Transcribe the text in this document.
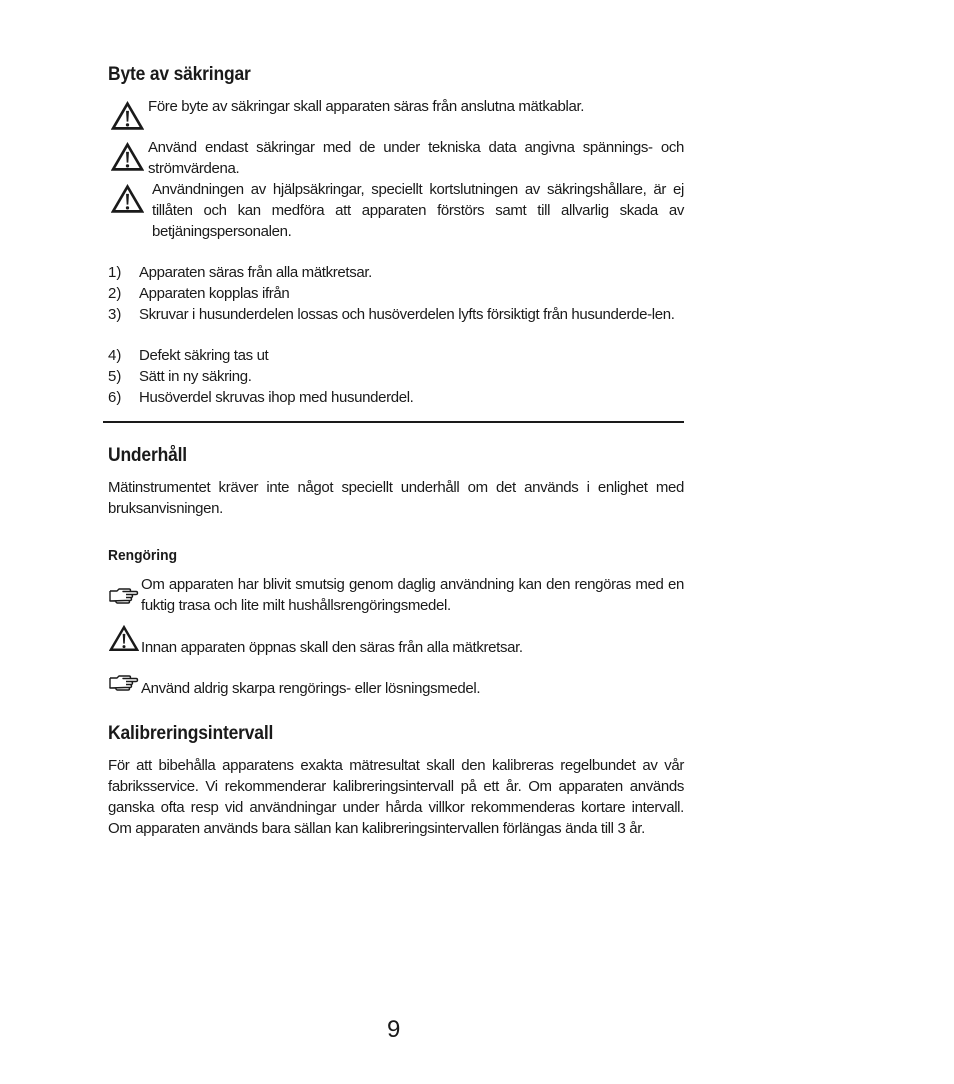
Byte av säkringar
Före byte av säkringar skall apparaten säras från anslutna mätkablar.
Använd endast säkringar med de under tekniska data angivna spännings- och strömvärdena.
Användningen av hjälpsäkringar, speciellt kortslutningen av säkringshållare, är ej tillåten och kan medföra att apparaten förstörs samt till allvarlig skada av betjäningspersonalen.
1)	Apparaten säras från alla mätkretsar.
2)	Apparaten kopplas ifrån
3)	Skruvar i husunderdelen lossas och husöverdelen lyfts försiktigt från husunderde-len.
4)	Defekt säkring tas ut
5)	Sätt in ny säkring.
6)	Husöverdel skruvas ihop med husunderdel.
Underhåll
Mätinstrumentet kräver inte något speciellt underhåll om det används i enlighet med bruksanvisningen.
Rengöring
Om apparaten har blivit smutsig genom daglig användning kan den rengöras med en fuktig trasa och lite milt hushållsrengöringsmedel.
Innan apparaten öppnas skall den säras från alla mätkretsar.
Använd aldrig skarpa rengörings- eller lösningsmedel.
Kalibreringsintervall
För att bibehålla apparatens exakta mätresultat skall den kalibreras regelbundet av vår fabriksservice. Vi rekommenderar kalibreringsintervall på ett år. Om apparaten används ganska ofta resp vid användningar under hårda villkor rekommenderas kortare intervall. Om apparaten används bara sällan kan kalibreringsintervallen förlängas ända till 3 år.
9
